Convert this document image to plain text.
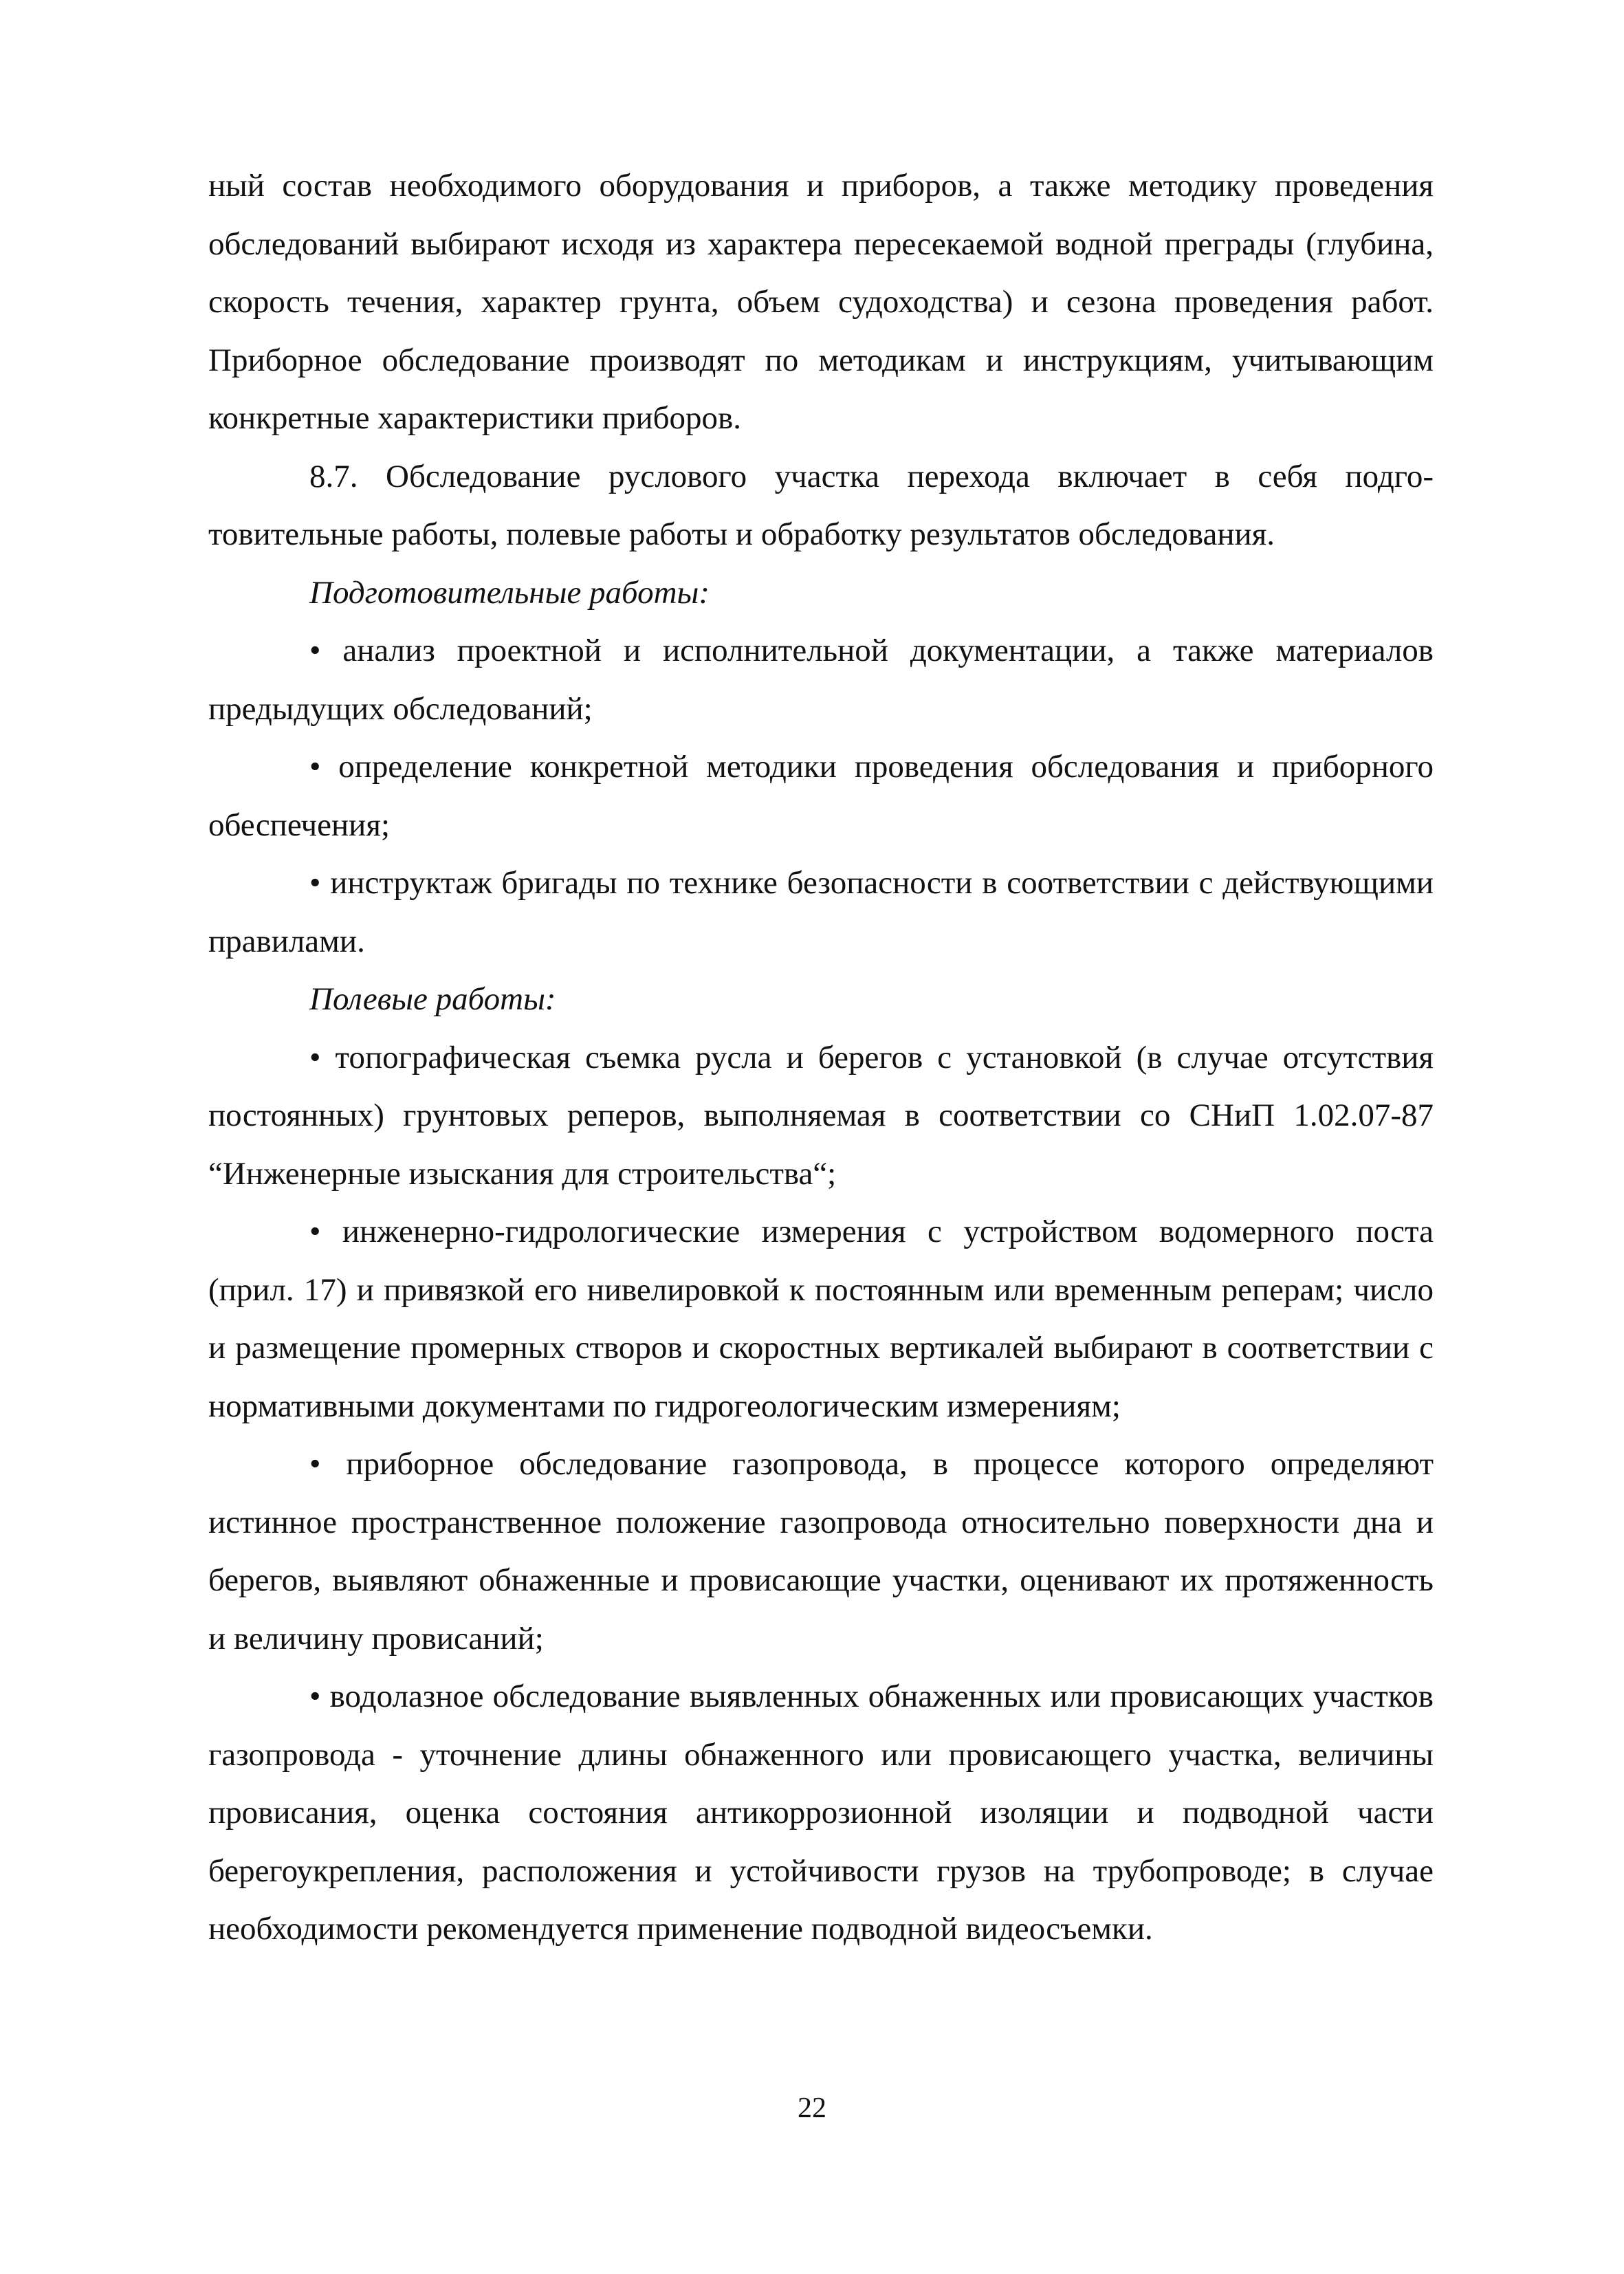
ный состав необходимого оборудования и приборов, а также методику проведения обследований выбирают исходя из характера пересекаемой водной преграды (глубина, скорость течения, характер грунта, объем судоходства) и сезона проведения работ. Приборное обследование производят по методикам и инструкциям, учитывающим конкретные характеристики приборов.

8.7. Обследование руслового участка перехода включает в себя подготовительные работы, полевые работы и обработку результатов обследования.

Подготовительные работы:

• анализ проектной и исполнительной документации, а также материалов предыдущих обследований;

• определение конкретной методики проведения обследования и приборного обеспечения;

• инструктаж бригады по технике безопасности в соответствии с действующими правилами.

Полевые работы:

• топографическая съемка русла и берегов с установкой (в случае отсутствия постоянных) грунтовых реперов, выполняемая в соответствии со СНиП 1.02.07-87 “Инженерные изыскания для строительства“;

• инженерно-гидрологические измерения с устройством водомерного поста (прил. 17) и привязкой его нивелировкой к постоянным или временным реперам; число и размещение промерных створов и скоростных вертикалей выбирают в соответствии с нормативными документами по гидрогеологическим измерениям;

• приборное обследование газопровода, в процессе которого определяют истинное пространственное положение газопровода относительно поверхности дна и берегов, выявляют обнаженные и провисающие участки, оценивают их протяженность и величину провисаний;

• водолазное обследование выявленных обнаженных или провисающих участков газопровода - уточнение длины обнаженного или провисающего участка, величины провисания, оценка состояния антикоррозионной изоляции и подводной части берегоукрепления, расположения и устойчивости грузов на трубопроводе; в случае необходимости рекомендуется применение подводной видеосъемки.

22
